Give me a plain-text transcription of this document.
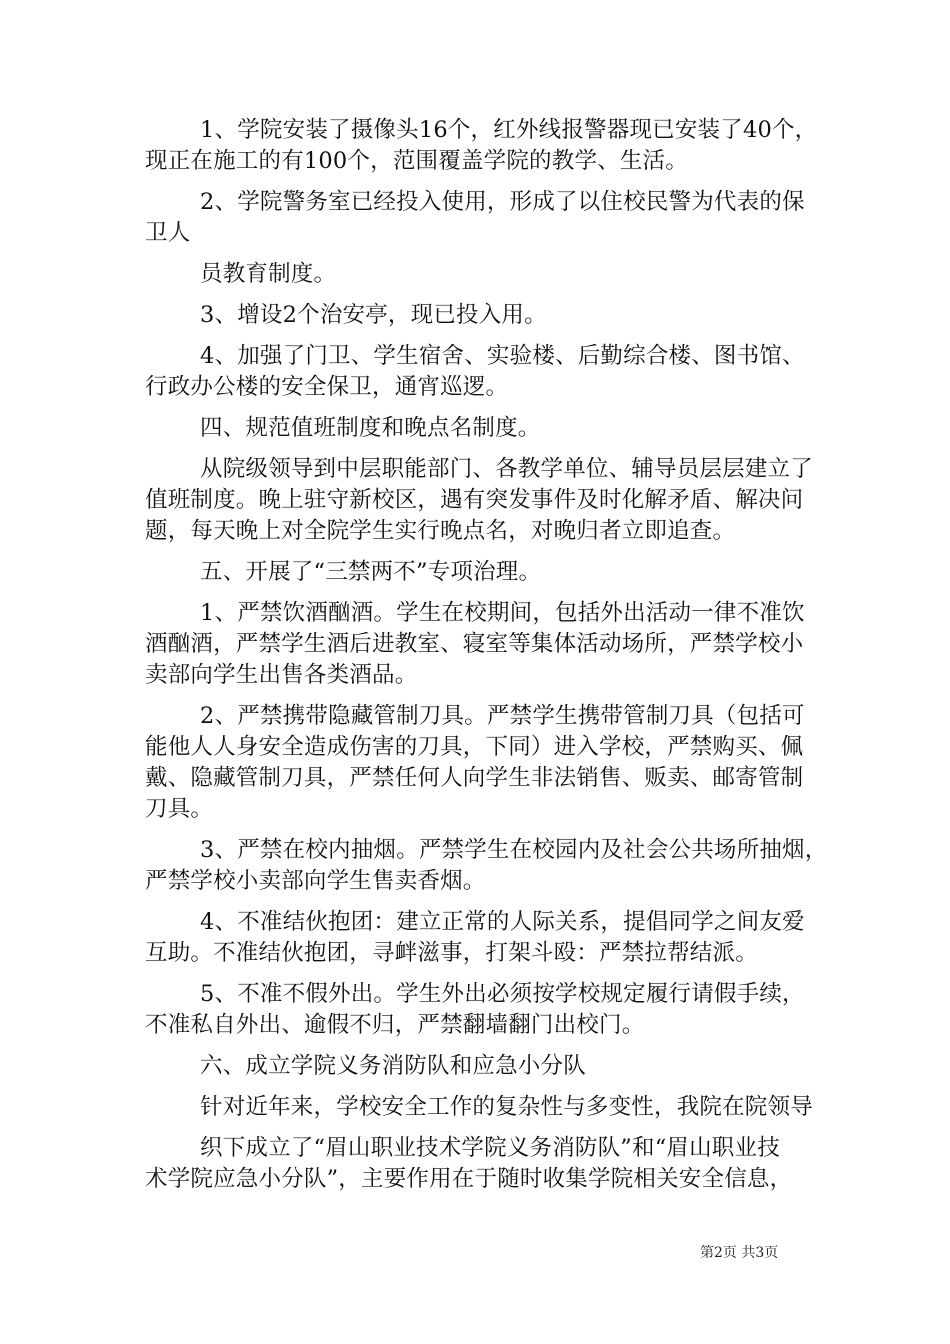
1、学院安装了摄像头16个，红外线报警器现已安装了40个，

现正在施工的有100个，范围覆盖学院的教学、生活。

2、学院警务室已经投入使用，形成了以住校民警为代表的保

卫人

员教育制度。

3、增设2个治安亭，现已投入用。

4、加强了门卫、学生宿舍、实验楼、后勤综合楼、图书馆、

行政办公楼的安全保卫，通宵巡逻。

四、规范值班制度和晚点名制度。

从院级领导到中层职能部门、各教学单位、辅导员层层建立了

值班制度。晚上驻守新校区，遇有突发事件及时化解矛盾、解决问

题，每天晚上对全院学生实行晚点名，对晚归者立即追查。

五、开展了“三禁两不”专项治理。

1、严禁饮酒酗酒。学生在校期间，包括外出活动一律不准饮

酒酗酒，严禁学生酒后进教室、寝室等集体活动场所，严禁学校小

卖部向学生出售各类酒品。

2、严禁携带隐藏管制刀具。严禁学生携带管制刀具（包括可

能他人人身安全造成伤害的刀具，下同）进入学校，严禁购买、佩

戴、隐藏管制刀具，严禁任何人向学生非法销售、贩卖、邮寄管制

刀具。

3、严禁在校内抽烟。严禁学生在校园内及社会公共场所抽烟，

严禁学校小卖部向学生售卖香烟。

4、不准结伙抱团：建立正常的人际关系，提倡同学之间友爱

互助。不准结伙抱团，寻衅滋事，打架斗殴：严禁拉帮结派。

5、不准不假外出。学生外出必须按学校规定履行请假手续，

不准私自外出、逾假不归，严禁翻墙翻门出校门。

六、成立学院义务消防队和应急小分队

针对近年来，学校安全工作的复杂性与多变性，我院在院领导

织下成立了“眉山职业技术学院义务消防队”和“眉山职业技

术学院应急小分队”，主要作用在于随时收集学院相关安全信息，

第2页 共3页
